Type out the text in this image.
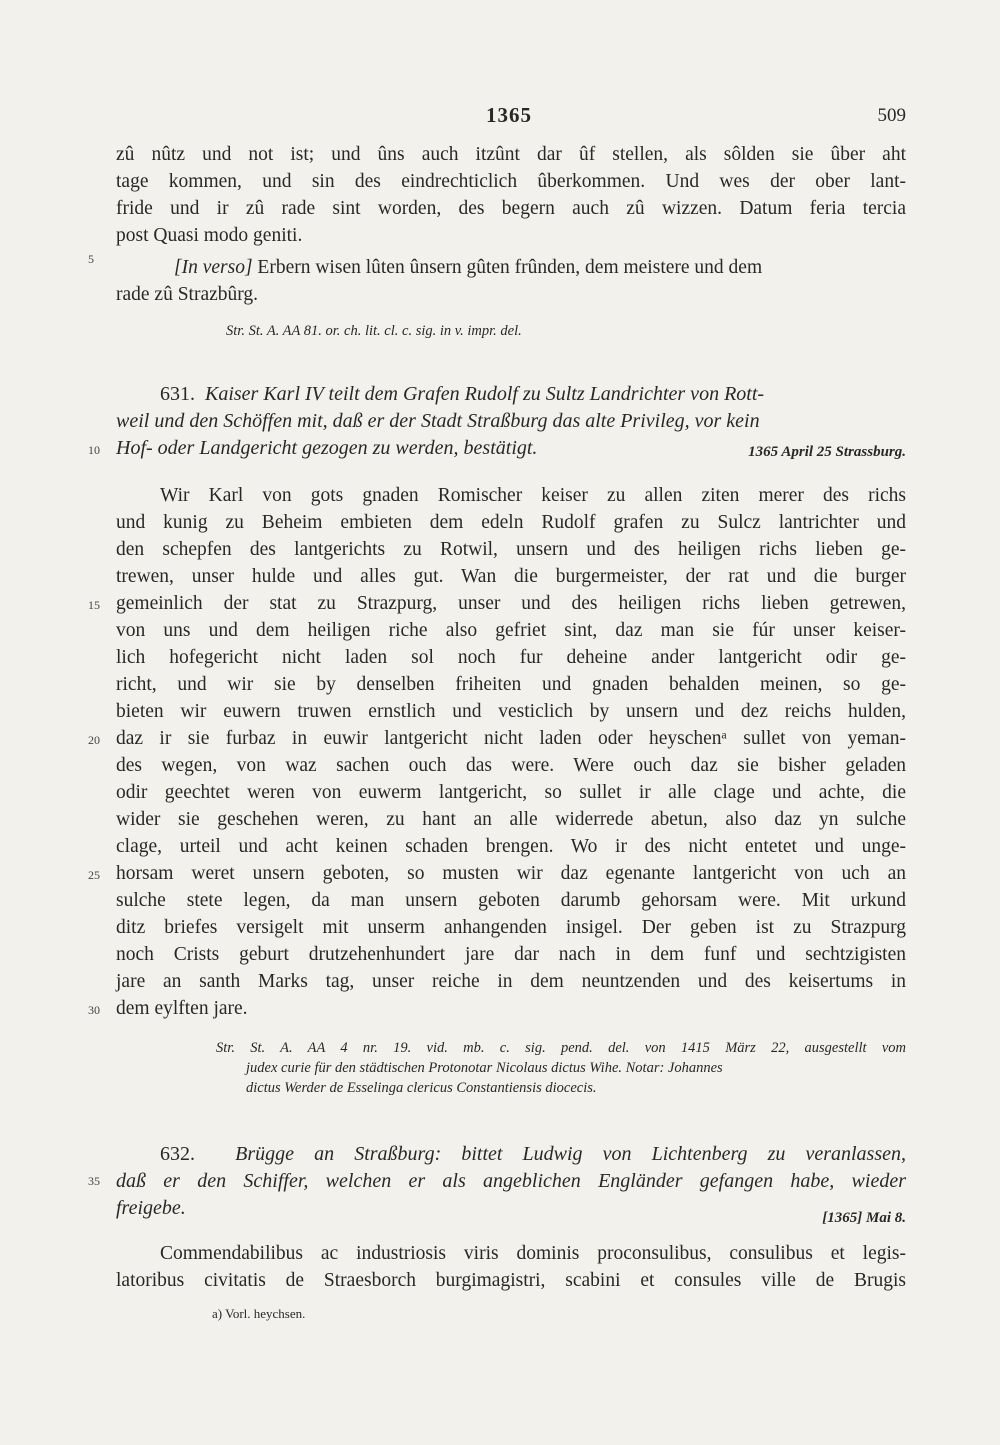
1365	509
zû nûtz und not ist; und ûns auch itzûnt dar ûf stellen, als sôlden sie ûber aht
tage kommen, und sin des eindrechticlich ûberkommen. Und wes der ober lant-
fride und ir zû rade sint worden, des begern auch zû wizzen. Datum feria tercia
post Quasi modo geniti.
[In verso] Erbern wisen lûten ûnsern gûten frûnden, dem meistere und dem
rade zû Strazbûrg.
Str. St. A. AA 81. or. ch. lit. cl. c. sig. in v. impr. del.
631. Kaiser Karl IV teilt dem Grafen Rudolf zu Sultz Landrichter von Rott-
weil und den Schöffen mit, daß er der Stadt Straßburg das alte Privileg, vor kein
Hof- oder Landgericht gezogen zu werden, bestätigt.	1365 April 25 Strassburg.
Wir Karl von gots gnaden Romischer keiser zu allen ziten merer des richs
und kunig zu Beheim embieten dem edeln Rudolf grafen zu Sulcz lantrichter und
den schepfen des lantgerichts zu Rotwil, unsern und des heiligen richs lieben ge-
trewen, unser hulde und alles gut. Wan die burgermeister, der rat und die burger
gemeinlich der stat zu Strazpurg, unser und des heiligen richs lieben getrewen,
von uns und dem heiligen riche also gefriet sint, daz man sie fúr unser keiser-
lich hofegericht nicht laden sol noch fur deheine ander lantgericht odir ge-
richt, und wir sie by denselben friheiten und gnaden behalden meinen, so ge-
bieten wir euwern truwen ernstlich und vesticlich by unsern und dez reichs hulden,
daz ir sie furbaz in euwir lantgericht nicht laden oder heyschenᵃ sullet von yeman-
des wegen, von waz sachen ouch das were. Were ouch daz sie bisher geladen
odir geechtet weren von euwerm lantgericht, so sullet ir alle clage und achte, die
wider sie geschehen weren, zu hant an alle widerrede abetun, also daz yn sulche
clage, urteil und acht keinen schaden brengen. Wo ir des nicht entetet und unge-
horsam weret unsern geboten, so musten wir daz egenante lantgericht von uch an
sulche stete legen, da man unsern geboten darumb gehorsam were. Mit urkund
ditz briefes versigelt mit unserm anhangenden insigel. Der geben ist zu Strazpurg
noch Crists geburt drutzehenhundert jare dar nach in dem funf und sechtzigisten
jare an santh Marks tag, unser reiche in dem neuntzenden und des keisertums in
dem eylften jare.
Str. St. A. AA 4 nr. 19. vid. mb. c. sig. pend. del. von 1415 März 22, ausgestellt vom
judex curie für den städtischen Protonotar Nicolaus dictus Wihe. Notar: Johannes
dictus Werder de Esselinga clericus Constantiensis diocecis.
632. Brügge an Straßburg: bittet Ludwig von Lichtenberg zu veranlassen,
daß er den Schiffer, welchen er als angeblichen Engländer gefangen habe, wieder
freigebe.	[1365] Mai 8.
Commendabilibus ac industriosis viris dominis proconsulibus, consulibus et legis-
latoribus civitatis de Straesborch burgimagistri, scabini et consules ville de Brugis
5
10
15
20
25
30
35
a) Vorl. heychsen.
